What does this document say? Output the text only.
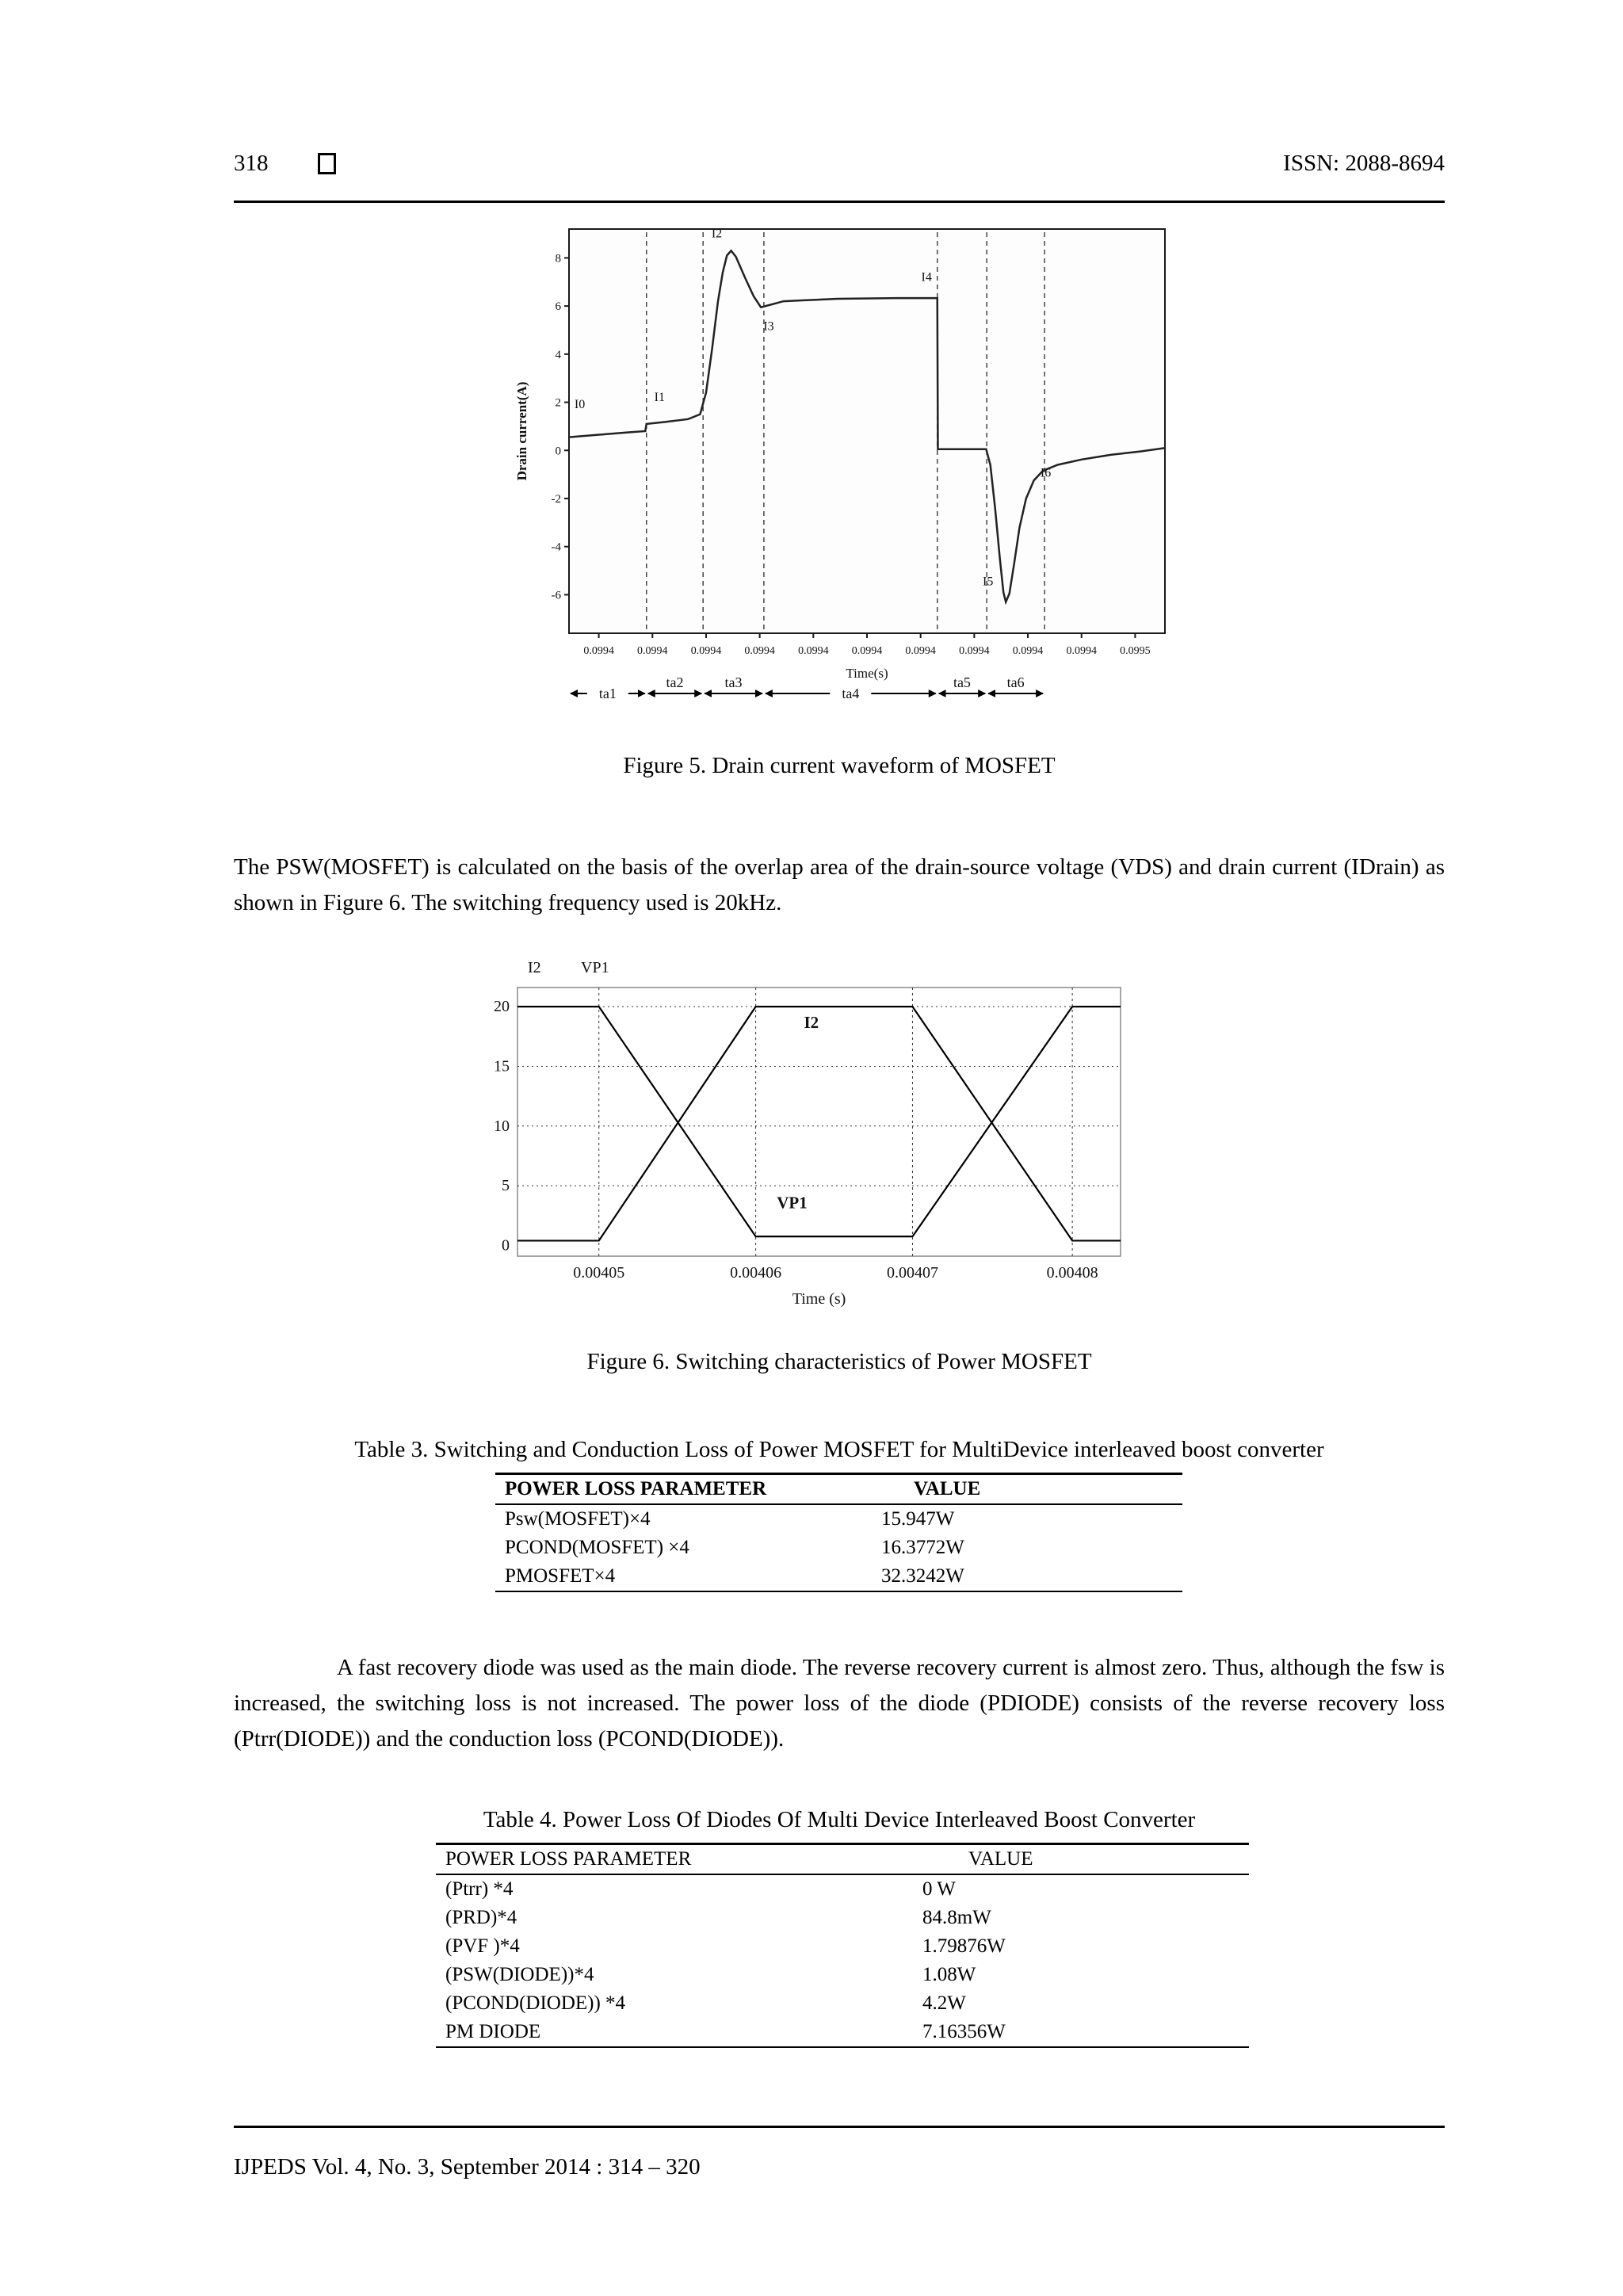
318	ISSN: 2088-8694
Drain current(A)
8
6
4
2
0
-2
-4
-6
0.0994 0.0994 0.0994 0.0994 0.0994 0.0994 0.0994 0.0994 0.0994 0.0994 0.0995
Time(s)
I0
I1
I2
I3
I4
I5
I6
ta1
ta2	ta3
ta4
ta5	ta6
Figure 5. Drain current waveform of MOSFET

The PSW(MOSFET) is calculated on the basis of the overlap area of the drain-source voltage (VDS) and drain current (IDrain) as shown in Figure 6. The switching frequency used is 20kHz.

I2	VP1
20
15
10
5
0
0.00405	0.00406	0.00407	0.00408
Time (s)
I2
VP1
Figure 6. Switching characteristics of Power MOSFET
Table 3. Switching and Conduction Loss of Power MOSFET for MultiDevice interleaved boost converter
POWER LOSS PARAMETER	VALUE
Psw(MOSFET)×4	15.947W
PCOND(MOSFET) ×4	16.3772W
PMOSFET×4	32.3242W

A fast recovery diode was used as the main diode. The reverse recovery current is almost zero. Thus, although the fsw is increased, the switching loss is not increased. The power loss of the diode (PDIODE) consists of the reverse recovery loss (Ptrr(DIODE)) and the conduction loss (PCOND(DIODE)).

Table 4. Power Loss Of Diodes Of Multi Device Interleaved Boost Converter
POWER LOSS PARAMETER	VALUE
(Ptrr) *4	0 W
(PRD)*4	84.8mW
(PVF )*4	1.79876W
(PSW(DIODE))*4	1.08W
(PCOND(DIODE)) *4	4.2W
PM DIODE	7.16356W
IJPEDS Vol. 4, No. 3, September 2014 : 314 – 320
